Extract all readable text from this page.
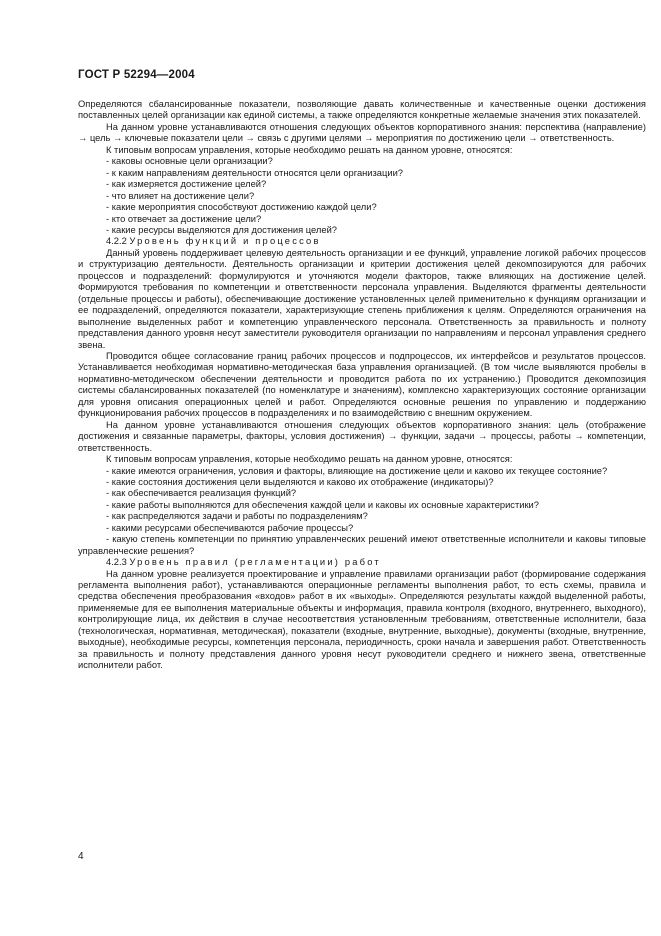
ГОСТ Р 52294—2004

Определяются сбалансированные показатели, позволяющие давать количественные и качественные оценки достижения поставленных целей организации как единой системы, а также определяются конкретные желаемые значения этих показателей.

На данном уровне устанавливаются отношения следующих объектов корпоративного знания: перспектива (направление) → цель → ключевые показатели цели → связь с другими целями → мероприятия по достижению цели → ответственность.

К типовым вопросам управления, которые необходимо решать на данном уровне, относятся:

- каковы основные цели организации?

- к каким направлениям деятельности относятся цели организации?

- как измеряется достижение целей?

- что влияет на достижение цели?

- какие мероприятия способствуют достижению каждой цели?

- кто отвечает за достижение цели?

- какие ресурсы выделяются для достижения целей?

4.2.2 Уровень функций и процессов

Данный уровень поддерживает целевую деятельность организации и ее функций, управление логикой рабочих процессов и структуризацию деятельности. Деятельность организации и критерии достижения целей декомпозируются для рабочих процессов и подразделений: формулируются и уточняются модели факторов, также влияющих на достижение целей. Формируются требования по компетенции и ответственности персонала управления. Выделяются фрагменты деятельности (отдельные процессы и работы), обеспечивающие достижение установленных целей применительно к функциям организации и ее подразделений, определяются показатели, характеризующие степень приближения к целям. Определяются ограничения на выполнение выделенных работ и компетенцию управленческого персонала. Ответственность за правильность и полноту представления данного уровня несут заместители руководителя организации по направлениям и персонал управления среднего звена.

Проводится общее согласование границ рабочих процессов и подпроцессов, их интерфейсов и результатов процессов. Устанавливается необходимая нормативно-методическая база управления организацией. (В том числе выявляются пробелы в нормативно-методическом обеспечении деятельности и проводится работа по их устранению.) Проводится декомпозиция системы сбалансированных показателей (по номенклатуре и значениям), комплексно характеризующих состояние организации для уровня описания операционных целей и работ. Определяются основные решения по управлению и поддержанию функционирования рабочих процессов в подразделениях и по взаимодействию с внешним окружением.

На данном уровне устанавливаются отношения следующих объектов корпоративного знания: цель (отображение достижения и связанные параметры, факторы, условия достижения) → функции, задачи → процессы, работы → компетенции, ответственность.

К типовым вопросам управления, которые необходимо решать на данном уровне, относятся:

- какие имеются ограничения, условия и факторы, влияющие на достижение цели и каково их текущее состояние?

- какие состояния достижения цели выделяются и каково их отображение (индикаторы)?

- как обеспечивается реализация функций?

- какие работы выполняются для обеспечения каждой цели и каковы их основные характеристики?

- как распределяются задачи и работы по подразделениям?

- какими ресурсами обеспечиваются рабочие процессы?

- какую степень компетенции по принятию управленческих решений имеют ответственные исполнители и каковы типовые управленческие решения?

4.2.3 Уровень правил (регламентации) работ

На данном уровне реализуется проектирование и управление правилами организации работ (формирование содержания регламента выполнения работ), устанавливаются операционные регламенты выполнения работ, то есть схемы, правила и средства обеспечения преобразования «входов» работ в их «выходы». Определяются результаты каждой выделенной работы, применяемые для ее выполнения материальные объекты и информация, правила контроля (входного, внутреннего, выходного), контролирующие лица, их действия в случае несоответствия установленным требованиям, ответственные исполнители, база (технологическая, нормативная, методическая), показатели (входные, внутренние, выходные), документы (входные, внутренние, выходные), необходимые ресурсы, компетенция персонала, периодичность, сроки начала и завершения работ. Ответственность за правильность и полноту представления данного уровня несут руководители среднего и нижнего звена, ответственные исполнители работ.

4
